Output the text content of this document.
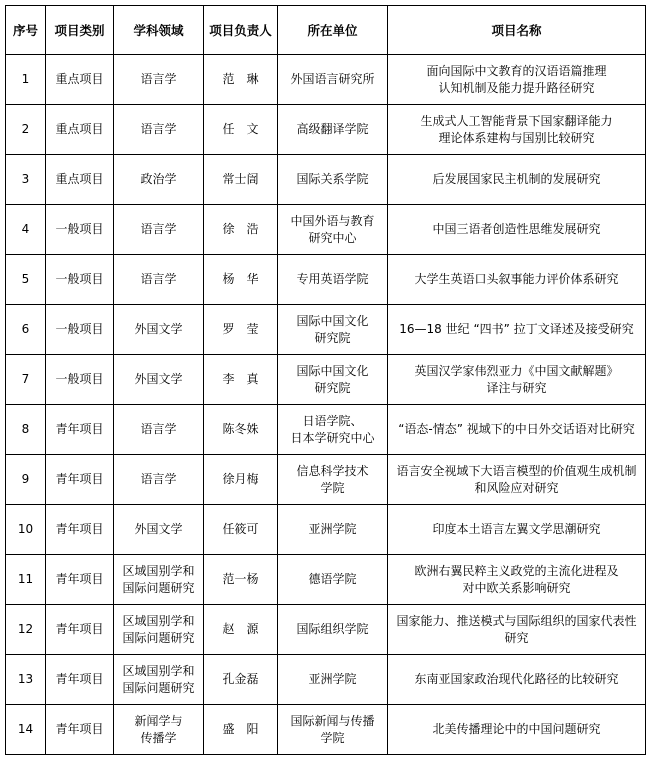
序号	项目类别	学科领域	项目负责人	所在单位	项目名称
1	重点项目	语言学	范　琳	外国语言研究所	面向国际中文教育的汉语语篇推理
认知机制及能力提升路径研究
2	重点项目	语言学	任　文	高级翻译学院	生成式人工智能背景下国家翻译能力
理论体系建构与国别比较研究
3	重点项目	政治学	常士訚	国际关系学院	后发展国家民主机制的发展研究
4	一般项目	语言学	徐　浩	中国外语与教育
研究中心	中国三语者创造性思维发展研究
5	一般项目	语言学	杨　华	专用英语学院	大学生英语口头叙事能力评价体系研究
6	一般项目	外国文学	罗　莹	国际中国文化
研究院	16—18 世纪 “四书” 拉丁文译述及接受研究
7	一般项目	外国文学	李　真	国际中国文化
研究院	英国汉学家伟烈亚力《中国文献解题》
译注与研究
8	青年项目	语言学	陈冬姝	日语学院、
日本学研究中心	“语态-情态” 视域下的中日外交话语对比研究
9	青年项目	语言学	徐月梅	信息科学技术
学院	语言安全视域下大语言模型的价值观生成机制
和风险应对研究
10	青年项目	外国文学	任筱可	亚洲学院	印度本土语言左翼文学思潮研究
11	青年项目	区域国别学和
国际问题研究	范一杨	德语学院	欧洲右翼民粹主义政党的主流化进程及
对中欧关系影响研究
12	青年项目	区域国别学和
国际问题研究	赵　源	国际组织学院	国家能力、推送模式与国际组织的国家代表性
研究
13	青年项目	区域国别学和
国际问题研究	孔金磊	亚洲学院	东南亚国家政治现代化路径的比较研究
14	青年项目	新闻学与
传播学	盛　阳	国际新闻与传播
学院	北美传播理论中的中国问题研究
